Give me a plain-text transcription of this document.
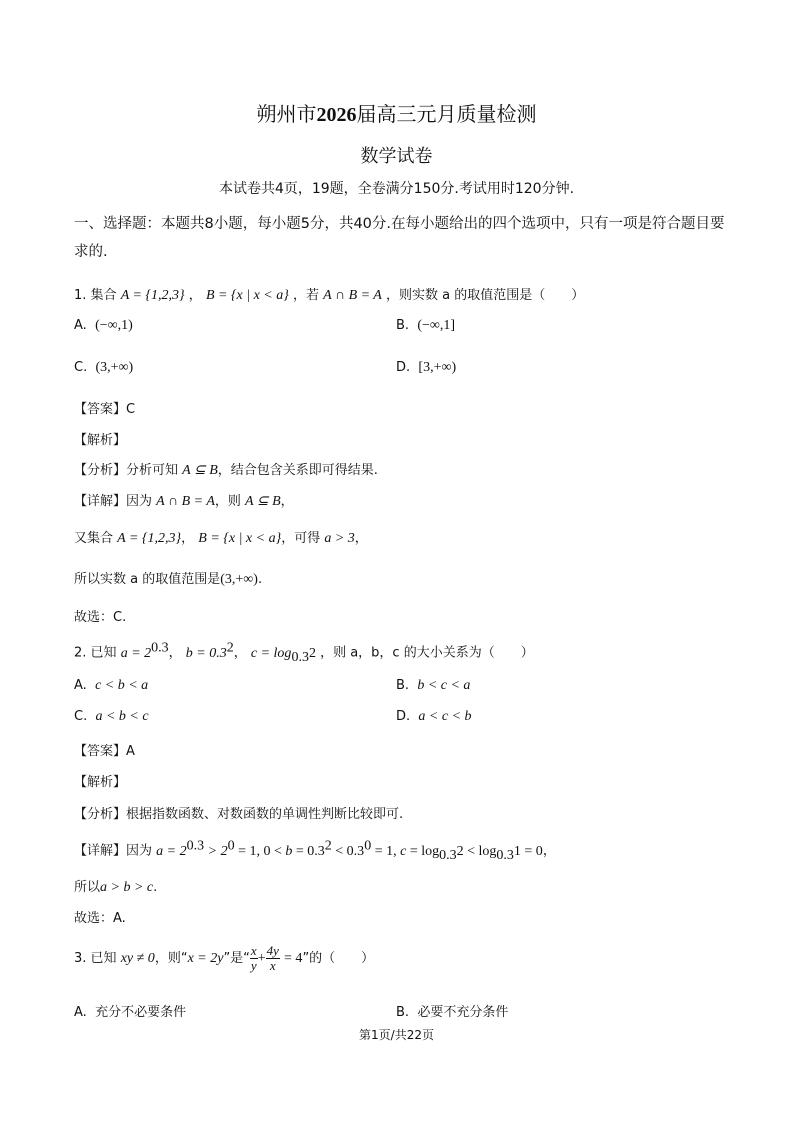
朔州市2026届高三元月质量检测
数学试卷
本试卷共4页，19题，全卷满分150分.考试用时120分钟.
一、选择题：本题共8小题，每小题5分，共40分.在每小题给出的四个选项中，只有一项是符合题目要求的.
1. 集合 A = {1,2,3} ， B = {x | x < a} ，若 A ∩ B = A ，则实数 a 的取值范围是（　　）
A. (−∞,1)	B. (−∞,1]
C. (3,+∞)	D. [3,+∞)
【答案】C
【解析】
【分析】分析可知 A ⊆ B，结合包含关系即可得结果.
【详解】因为 A ∩ B = A，则 A ⊆ B，
又集合 A = {1,2,3}， B = {x | x < a}，可得 a > 3，
所以实数 a 的取值范围是(3,+∞).
故选：C.
2. 已知 $a = 2^{0.3}$， $b = 0.3^2$， $c = \log_{0.3}2$ ，则 a，b，c 的大小关系为（　　）
A. c < b < a	B. b < c < a
C. a < b < c	D. a < c < b
【答案】A
【解析】
【分析】根据指数函数、对数函数的单调性判断比较即可.
【详解】因为 $a = 2^{0.3} > 2^0 = 1$, $0 < b = 0.3^2 < 0.3^0 = 1$, $c = \log_{0.3}2 < \log_{0.3}1 = 0$，
所以a > b > c.
故选：A.
3. 已知 xy ≠ 0，则“x = 2y”是“ $\frac{x}{y} + \frac{4y}{x} = 4$”的（　　）
A. 充分不必要条件	B. 必要不充分条件
第1页/共22页
